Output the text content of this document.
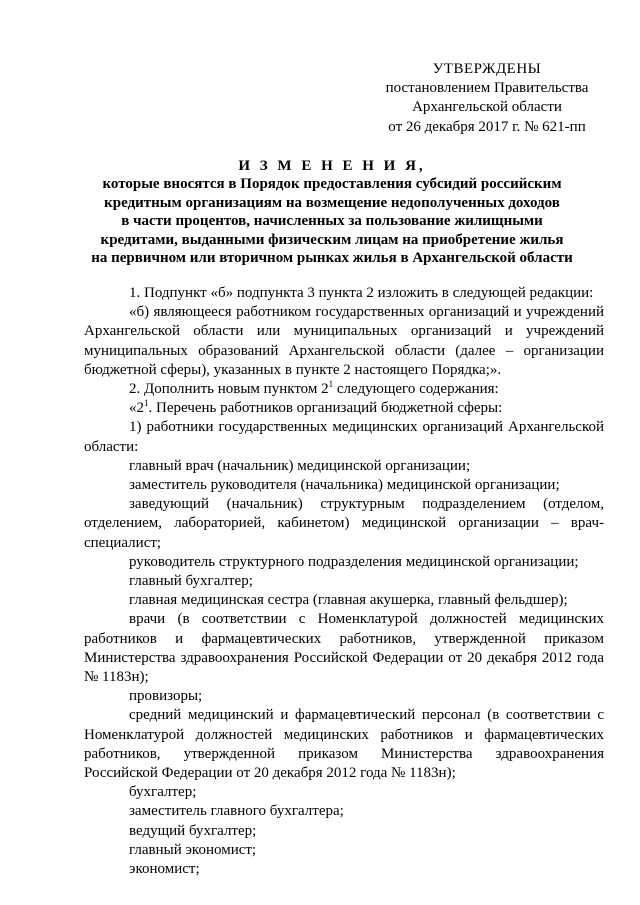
УТВЕРЖДЕНЫ
постановлением Правительства
Архангельской области
от 26 декабря 2017 г. № 621-пп
И З М Е Н Е Н И Я,
которые вносятся в Порядок предоставления субсидий российским
кредитным организациям на возмещение недополученных доходов
в части процентов, начисленных за пользование жилищными
кредитами, выданными физическим лицам на приобретение жилья
на первичном или вторичном рынках жилья в Архангельской области

1. Подпункт «б» подпункта 3 пункта 2 изложить в следующей редакции:

«б) являющееся работником государственных организаций и учреждений Архангельской области или муниципальных организаций и учреждений муниципальных образований Архангельской области (далее – организации бюджетной сферы), указанных в пункте 2 настоящего Порядка;».

2. Дополнить новым пунктом $2^1$ следующего содержания:

«$2^1$. Перечень работников организаций бюджетной сферы:

1) работники государственных медицинских организаций Архангельской области:

главный врач (начальник) медицинской организации;

заместитель руководителя (начальника) медицинской организации;

заведующий (начальник) структурным подразделением (отделом, отделением, лабораторией, кабинетом) медицинской организации – врач-специалист;

руководитель структурного подразделения медицинской организации;

главный бухгалтер;

главная медицинская сестра (главная акушерка, главный фельдшер);

врачи (в соответствии с Номенклатурой должностей медицинских работников и фармацевтических работников, утвержденной приказом Министерства здравоохранения Российской Федерации от 20 декабря 2012 года № 1183н);

провизоры;

средний медицинский и фармацевтический персонал (в соответствии с Номенклатурой должностей медицинских работников и фармацевтических работников, утвержденной приказом Министерства здравоохранения Российской Федерации от 20 декабря 2012 года № 1183н);

бухгалтер;

заместитель главного бухгалтера;

ведущий бухгалтер;

главный экономист;

экономист;
